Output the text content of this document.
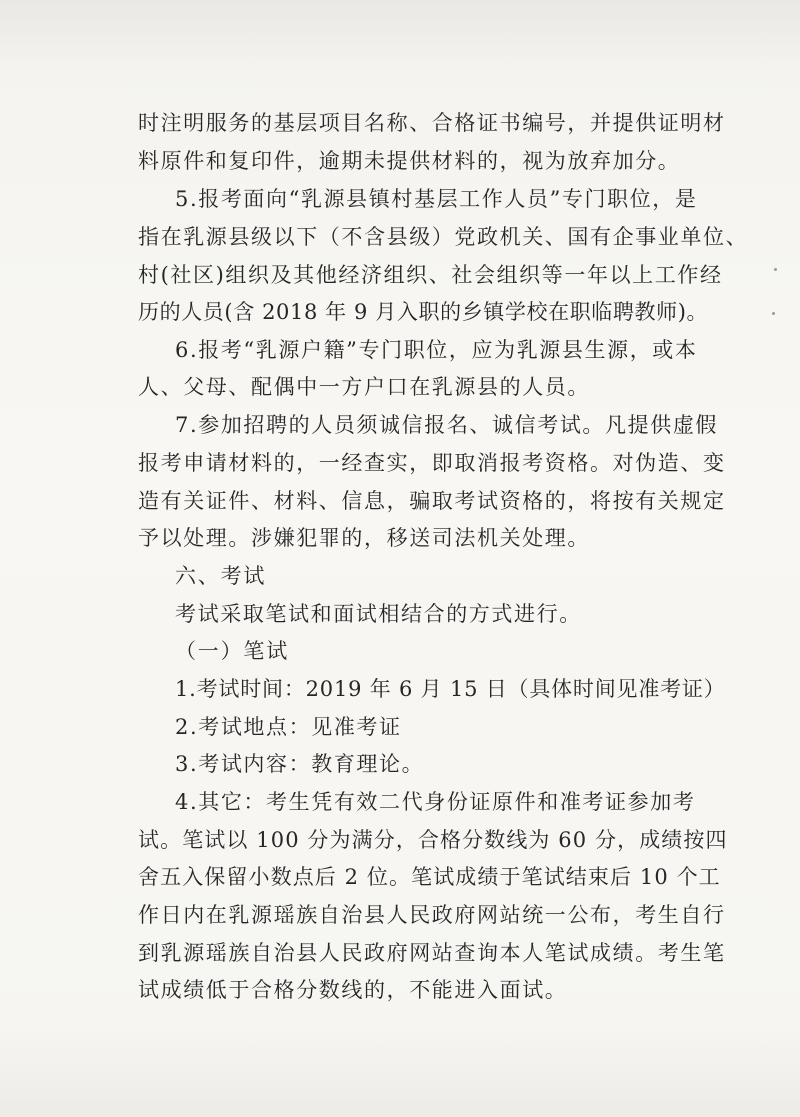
时注明服务的基层项目名称、合格证书编号，并提供证明材
料原件和复印件，逾期未提供材料的，视为放弃加分。
5.报考面向“乳源县镇村基层工作人员”专门职位，是
指在乳源县级以下（不含县级）党政机关、国有企事业单位、
村(社区)组织及其他经济组织、社会组织等一年以上工作经
历的人员(含 2018 年 9 月入职的乡镇学校在职临聘教师)。
6.报考“乳源户籍”专门职位，应为乳源县生源，或本
人、父母、配偶中一方户口在乳源县的人员。
7.参加招聘的人员须诚信报名、诚信考试。凡提供虚假
报考申请材料的，一经查实，即取消报考资格。对伪造、变
造有关证件、材料、信息，骗取考试资格的，将按有关规定
予以处理。涉嫌犯罪的，移送司法机关处理。
六、考试
考试采取笔试和面试相结合的方式进行。
（一）笔试
1.考试时间：2019 年 6 月 15 日（具体时间见准考证）
2.考试地点：见准考证
3.考试内容：教育理论。
4.其它：考生凭有效二代身份证原件和准考证参加考
试。笔试以 100 分为满分，合格分数线为 60 分，成绩按四
舍五入保留小数点后 2 位。笔试成绩于笔试结束后 10 个工
作日内在乳源瑶族自治县人民政府网站统一公布，考生自行
到乳源瑶族自治县人民政府网站查询本人笔试成绩。考生笔
试成绩低于合格分数线的，不能进入面试。
